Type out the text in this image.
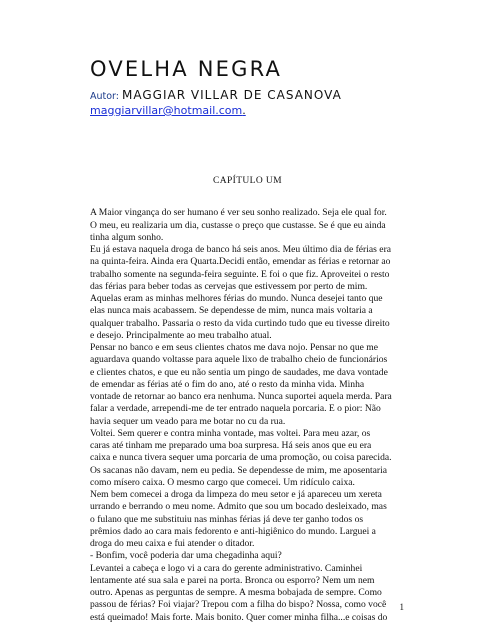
OVELHA NEGRA
Autor: MAGGIAR VILLAR DE CASANOVA
maggiarvillar@hotmail.com.
CAPÍTULO UM

A Maior vingança do ser humano é ver seu sonho realizado. Seja ele qual for.
O meu, eu realizaria um dia, custasse o preço que custasse. Se é que eu ainda
tinha algum sonho.
Eu já estava naquela droga de banco há seis anos. Meu último dia de férias era
na quinta-feira. Ainda era Quarta.Decidi então, emendar as férias e retornar ao
trabalho somente na segunda-feira seguinte. E foi o que fiz. Aproveitei o resto
das férias para beber todas as cervejas que estivessem por perto de mim.
Aquelas eram as minhas melhores férias do mundo. Nunca desejei tanto que
elas nunca mais acabassem. Se dependesse de mim, nunca mais voltaria a
qualquer trabalho. Passaria o resto da vida curtindo tudo que eu tivesse direito
e desejo. Principalmente ao meu trabalho atual.
Pensar no banco e em seus clientes chatos me dava nojo. Pensar no que me
aguardava quando voltasse para aquele lixo de trabalho cheio de funcionários
e clientes chatos, e que eu não sentia um pingo de saudades, me dava vontade
de emendar as férias até o fim do ano, até o resto da minha vida. Minha
vontade de retornar ao banco era nenhuma. Nunca suportei aquela merda. Para
falar a verdade, arrependi-me de ter entrado naquela porcaria. E o pior: Não
havia sequer um veado para me botar no cu da rua.
Voltei. Sem querer e contra minha vontade, mas voltei. Para meu azar, os
caras até tinham me preparado uma boa surpresa. Há seis anos que eu era
caixa e nunca tivera sequer uma porcaria de uma promoção, ou coisa parecida.
Os sacanas não davam, nem eu pedia. Se dependesse de mim, me aposentaria
como mísero caixa. O mesmo cargo que comecei. Um ridículo caixa.
Nem bem comecei a droga da limpeza do meu setor e já apareceu um xereta
urrando e berrando o meu nome. Admito que sou um bocado desleixado, mas
o fulano que me substituiu nas minhas férias já deve ter ganho todos os
prêmios dado ao cara mais fedorento e anti-higiênico do mundo. Larguei a
droga do meu caixa e fui atender o ditador.
- Bonfim, você poderia dar uma chegadinha aqui?
Levantei a cabeça e logo vi a cara do gerente administrativo. Caminhei
lentamente até sua sala e parei na porta. Bronca ou esporro? Nem um nem
outro. Apenas as perguntas de sempre. A mesma bobajada de sempre. Como
passou de férias? Foi viajar? Trepou com a filha do bispo? Nossa, como você
está queimado! Mais forte. Mais bonito. Quer comer minha filha...e coisas do
1
